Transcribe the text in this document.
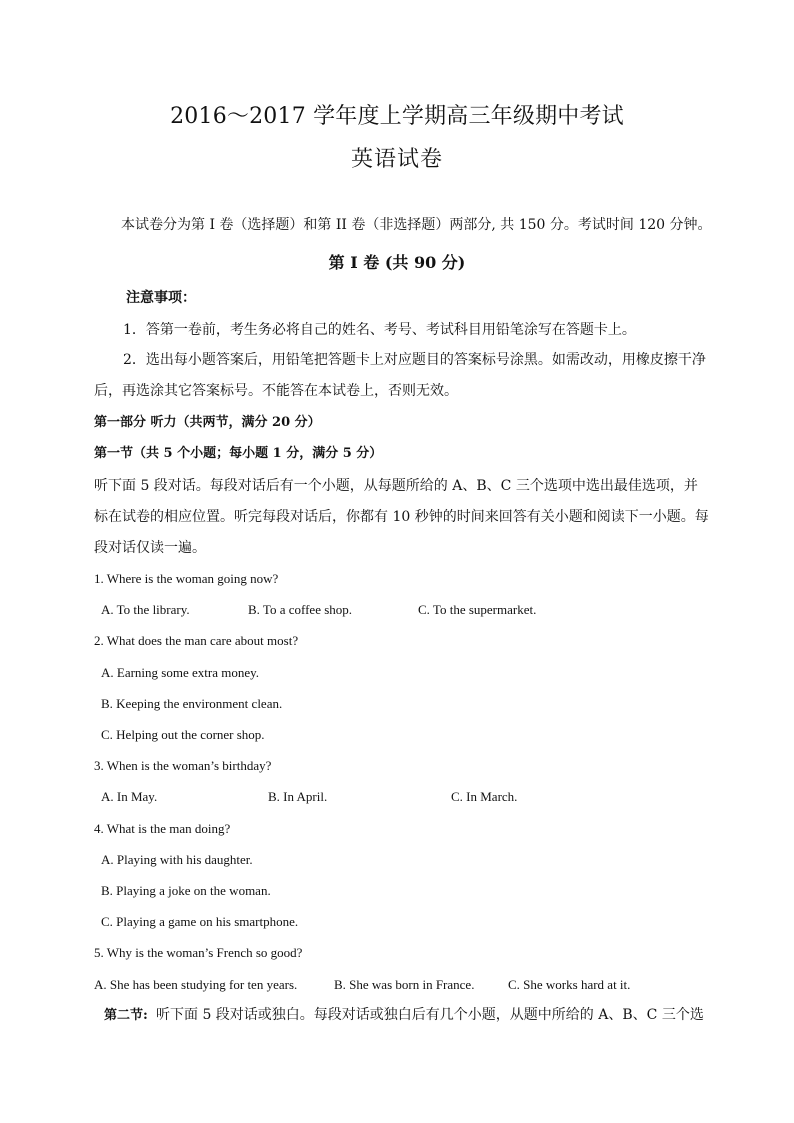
2016～2017 学年度上学期高三年级期中考试
英语试卷
本试卷分为第 I 卷（选择题）和第 II 卷（非选择题）两部分, 共 150 分。考试时间 120 分钟。
第 I 卷 (共 90 分)
注意事项：
1．答第一卷前，考生务必将自己的姓名、考号、考试科目用铅笔涂写在答题卡上。
2．选出每小题答案后，用铅笔把答题卡上对应题目的答案标号涂黑。如需改动，用橡皮擦干净
后，再选涂其它答案标号。不能答在本试卷上，否则无效。
第一部分 听力（共两节，满分 20 分）
第一节（共 5 个小题；每小题 1 分，满分 5 分）
听下面 5 段对话。每段对话后有一个小题，从每题所给的 A、B、C 三个选项中选出最佳选项，并
标在试卷的相应位置。听完每段对话后，你都有 10 秒钟的时间来回答有关小题和阅读下一小题。每
段对话仅读一遍。
1. Where is the woman going now?
A. To the library.	B. To a coffee shop.	C. To the supermarket.
2. What does the man care about most?
A. Earning some extra money.
B. Keeping the environment clean.
C. Helping out the corner shop.
3. When is the woman’s birthday?
A. In May.	B. In April.	C. In March.
4. What is the man doing?
A. Playing with his daughter.
B. Playing a joke on the woman.
C. Playing a game on his smartphone.
5. Why is the woman’s French so good?
A. She has been studying for ten years.	B. She was born in France.	C. She works hard at it.
第二节: 听下面 5 段对话或独白。每段对话或独白后有几个小题，从题中所给的 A、B、C 三个选
